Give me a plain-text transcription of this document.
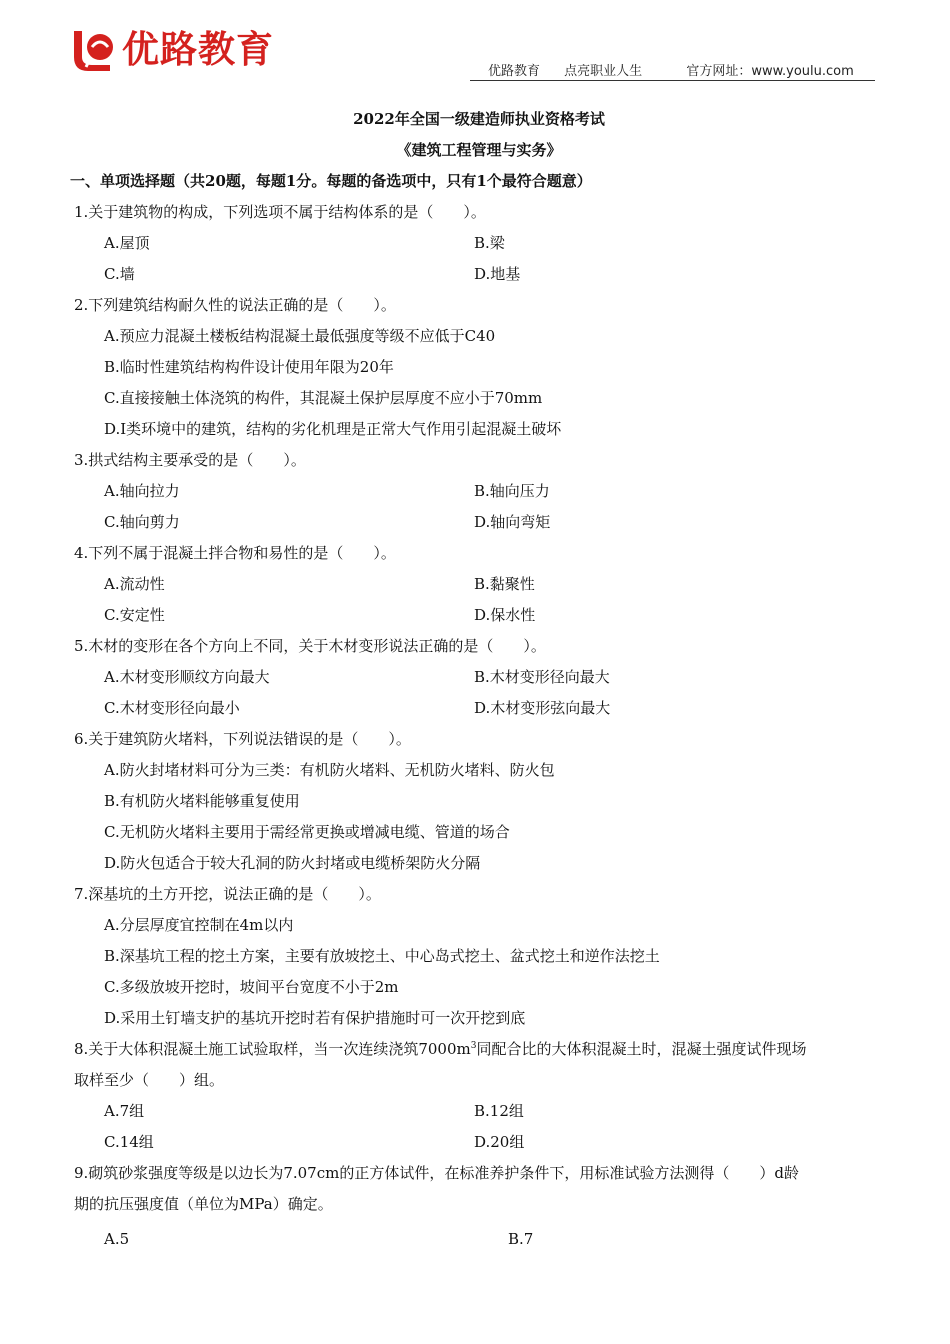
优路教育
优路教育 点亮职业人生	官方网址：www.youlu.com
2022年全国一级建造师执业资格考试
《建筑工程管理与实务》
一、单项选择题（共20题，每题1分。每题的备选项中，只有1个最符合题意）
1.关于建筑物的构成，下列选项不属于结构体系的是（　　）。
A.屋顶	B.梁
C.墙	D.地基
2.下列建筑结构耐久性的说法正确的是（　　）。
A.预应力混凝土楼板结构混凝土最低强度等级不应低于C40
B.临时性建筑结构构件设计使用年限为20年
C.直接接触土体浇筑的构件，其混凝土保护层厚度不应小于70mm
D.Ⅰ类环境中的建筑，结构的劣化机理是正常大气作用引起混凝土破坏
3.拱式结构主要承受的是（　　）。
A.轴向拉力	B.轴向压力
C.轴向剪力	D.轴向弯矩
4.下列不属于混凝土拌合物和易性的是（　　）。
A.流动性	B.黏聚性
C.安定性	D.保水性
5.木材的变形在各个方向上不同，关于木材变形说法正确的是（　　）。
A.木材变形顺纹方向最大	B.木材变形径向最大
C.木材变形径向最小	D.木材变形弦向最大
6.关于建筑防火堵料，下列说法错误的是（　　）。
A.防火封堵材料可分为三类：有机防火堵料、无机防火堵料、防火包
B.有机防火堵料能够重复使用
C.无机防火堵料主要用于需经常更换或增减电缆、管道的场合
D.防火包适合于较大孔洞的防火封堵或电缆桥架防火分隔
7.深基坑的土方开挖，说法正确的是（　　）。
A.分层厚度宜控制在4m以内
B.深基坑工程的挖土方案，主要有放坡挖土、中心岛式挖土、盆式挖土和逆作法挖土
C.多级放坡开挖时，坡间平台宽度不小于2m
D.采用土钉墙支护的基坑开挖时若有保护措施时可一次开挖到底
8.关于大体积混凝土施工试验取样，当一次连续浇筑$7000m^3$同配合比的大体积混凝土时，混凝土强度试件现场
取样至少（　　）组。
A.7组	B.12组
C.14组	D.20组
9.砌筑砂浆强度等级是以边长为7.07cm的正方体试件，在标准养护条件下，用标准试验方法测得（　　）d龄
期的抗压强度值（单位为MPa）确定。
A.5	B.7
